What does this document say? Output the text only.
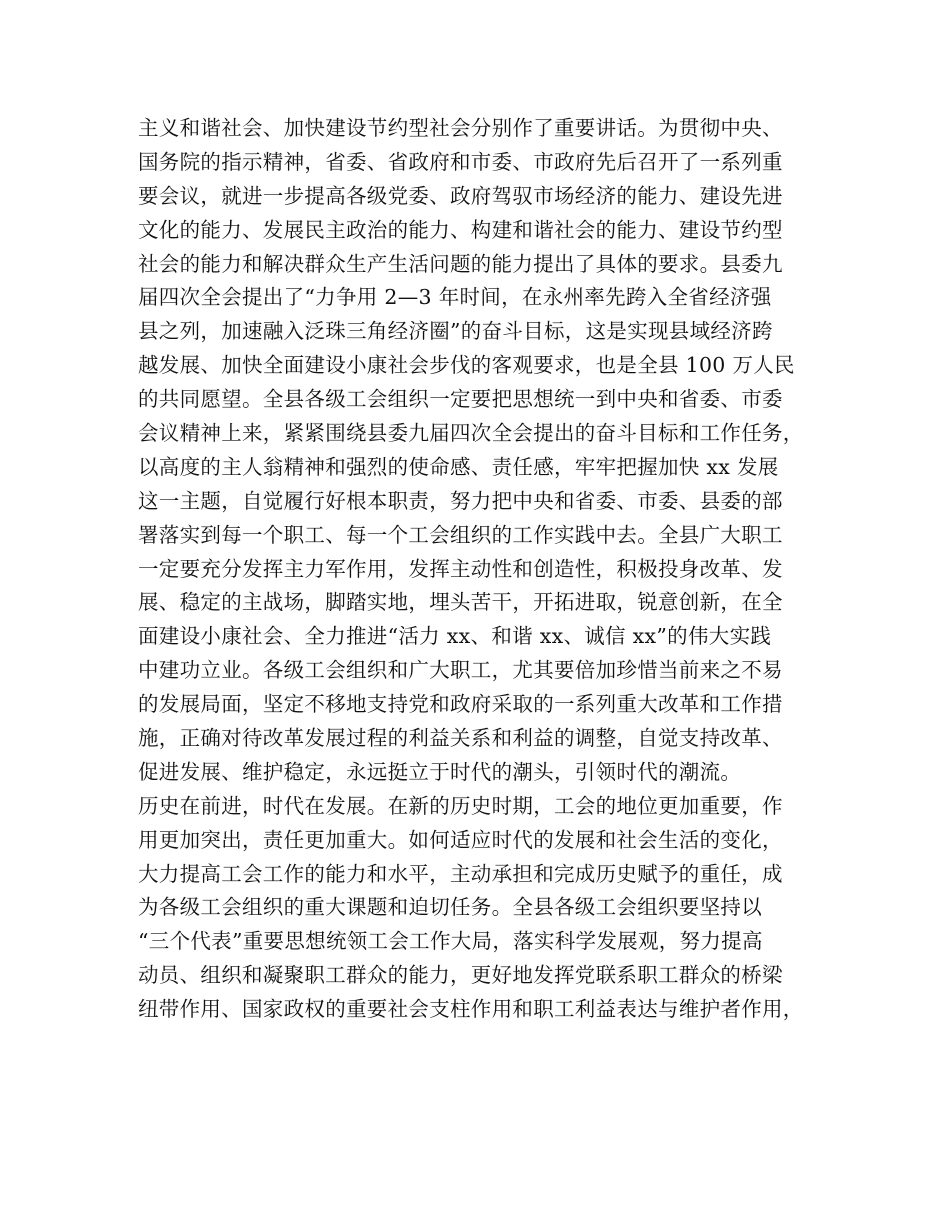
主义和谐社会、加快建设节约型社会分别作了重要讲话。为贯彻中央、
国务院的指示精神，省委、省政府和市委、市政府先后召开了一系列重
要会议，就进一步提高各级党委、政府驾驭市场经济的能力、建设先进
文化的能力、发展民主政治的能力、构建和谐社会的能力、建设节约型
社会的能力和解决群众生产生活问题的能力提出了具体的要求。县委九
届四次全会提出了“力争用 2—3 年时间，在永州率先跨入全省经济强
县之列，加速融入泛珠三角经济圈”的奋斗目标，这是实现县域经济跨
越发展、加快全面建设小康社会步伐的客观要求，也是全县 100 万人民
的共同愿望。全县各级工会组织一定要把思想统一到中央和省委、市委
会议精神上来，紧紧围绕县委九届四次全会提出的奋斗目标和工作任务，
以高度的主人翁精神和强烈的使命感、责任感，牢牢把握加快 xx 发展
这一主题，自觉履行好根本职责，努力把中央和省委、市委、县委的部
署落实到每一个职工、每一个工会组织的工作实践中去。全县广大职工
一定要充分发挥主力军作用，发挥主动性和创造性，积极投身改革、发
展、稳定的主战场，脚踏实地，埋头苦干，开拓进取，锐意创新，在全
面建设小康社会、全力推进“活力 xx、和谐 xx、诚信 xx”的伟大实践
中建功立业。各级工会组织和广大职工，尤其要倍加珍惜当前来之不易
的发展局面，坚定不移地支持党和政府采取的一系列重大改革和工作措
施，正确对待改革发展过程的利益关系和利益的调整，自觉支持改革、
促进发展、维护稳定，永远挺立于时代的潮头，引领时代的潮流。
历史在前进，时代在发展。在新的历史时期，工会的地位更加重要，作
用更加突出，责任更加重大。如何适应时代的发展和社会生活的变化，
大力提高工会工作的能力和水平，主动承担和完成历史赋予的重任，成
为各级工会组织的重大课题和迫切任务。全县各级工会组织要坚持以
“三个代表”重要思想统领工会工作大局，落实科学发展观，努力提高
动员、组织和凝聚职工群众的能力，更好地发挥党联系职工群众的桥梁
纽带作用、国家政权的重要社会支柱作用和职工利益表达与维护者作用，
